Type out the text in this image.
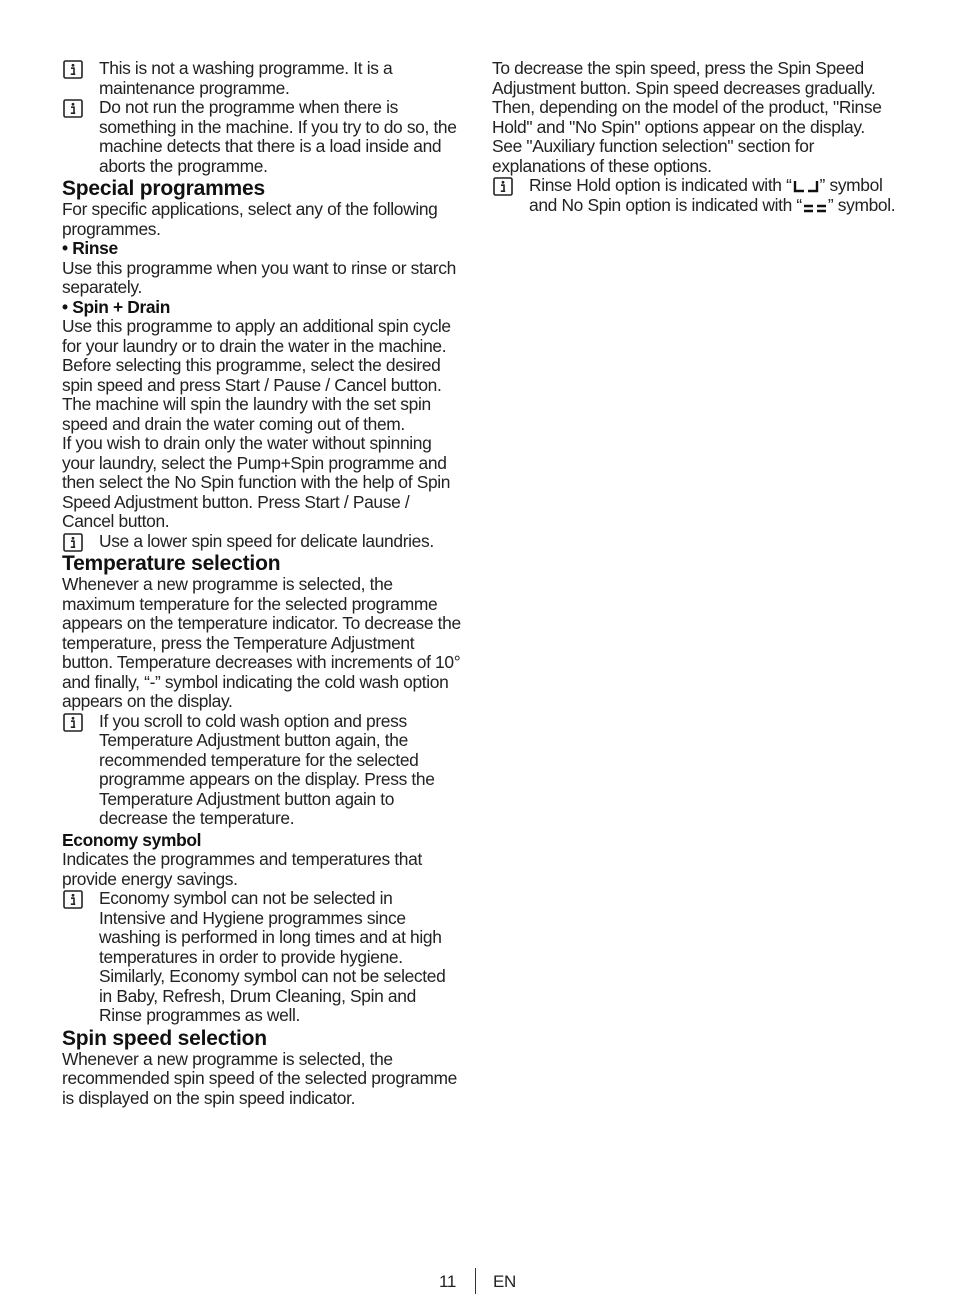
This is not a washing programme. It is a maintenance programme.

Do not run the programme when there is something in the machine. If you try to do so, the machine detects that there is a load inside and aborts the programme.

Special programmes

For specific applications, select any of the following programmes.

• Rinse

Use this programme when you want to rinse or starch separately.

• Spin + Drain

Use this programme to apply an additional spin cycle for your laundry or to drain the water in the machine.

Before selecting this programme, select the desired spin speed and press Start / Pause / Cancel button. The machine will spin the laundry with the set spin speed and drain the water coming out of them.

If you wish to drain only the water without spinning your laundry, select the Pump+Spin programme and then select the No Spin function with the help of Spin Speed Adjustment button. Press Start / Pause / Cancel button.

Use a lower spin speed for delicate laundries.

Temperature selection

Whenever a new programme is selected, the maximum temperature for the selected programme appears on the temperature indicator. To decrease the temperature, press the Temperature Adjustment button. Temperature decreases with increments of 10° and finally, “-” symbol indicating the cold wash option appears on the display.

If you scroll to cold wash option and press Temperature Adjustment button again, the recommended temperature for the selected programme appears on the display. Press the Temperature Adjustment button again to decrease the temperature.

Economy symbol

Indicates the programmes and temperatures that provide energy savings.

Economy symbol can not be selected in Intensive and Hygiene programmes since washing is performed in long times and at high temperatures in order to provide hygiene. Similarly, Economy symbol can not be selected in Baby, Refresh, Drum Cleaning, Spin and Rinse programmes as well.

Spin speed selection

Whenever a new programme is selected, the recommended spin speed of the selected programme is displayed on the spin speed indicator.

To decrease the spin speed, press the Spin Speed Adjustment button. Spin speed decreases gradually. Then, depending on the model of the product, "Rinse Hold" and "No Spin" options appear on the display. See "Auxiliary function selection" section for explanations of these options.

Rinse Hold option is indicated with “ ” symbol and No Spin option is indicated with “ ” symbol.

11 EN
